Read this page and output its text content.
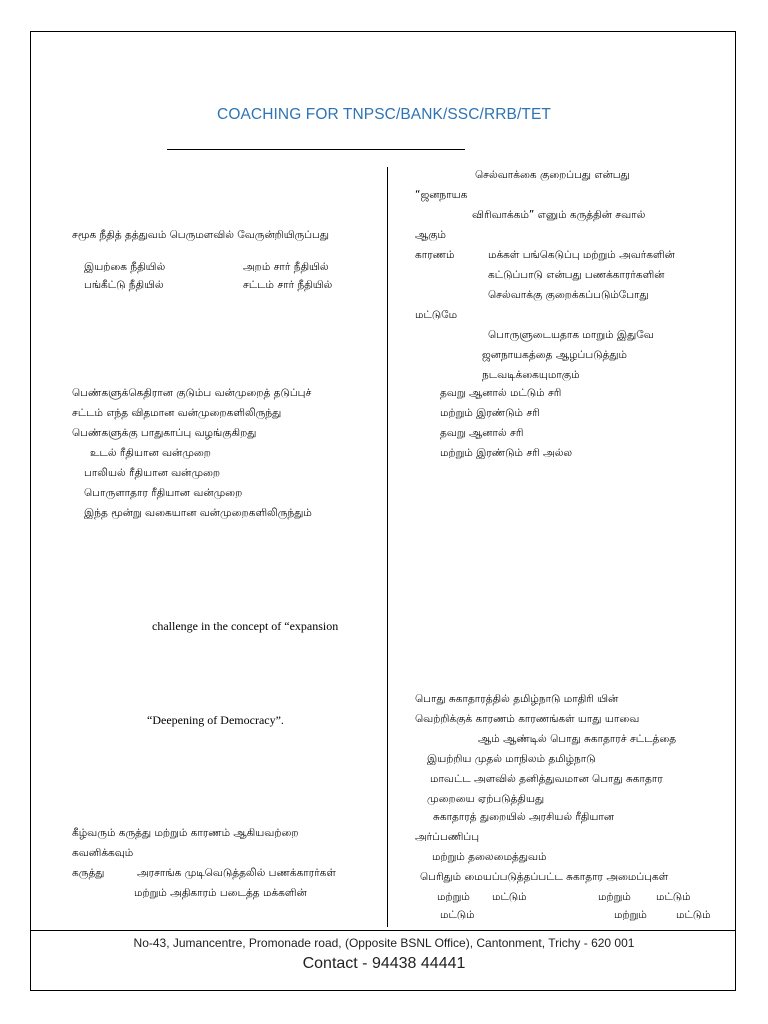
COACHING FOR TNPSC/BANK/SSC/RRB/TET
சமூக நீதித் தத்துவம் பெருமளவில் வேருன்றியிருப்பது
இயற்கை நீதியில்	அறம் சார் நீதியில்
பங்கீட்டு நீதியில்	சட்டம் சார் நீதியில்
பெண்களுக்கெதிரான குடும்ப வன்முறைத் தடுப்புச்
சட்டம் எந்த விதமான வன்முறைகளிலிருந்து
பெண்களுக்கு பாதுகாப்பு வழங்குகிறது
உடல் ரீதியான வன்முறை
பாலியல் ரீதியான வன்முறை
பொருளாதார ரீதியான வன்முறை
இந்த மூன்று வகையான வன்முறைகளிலிருந்தும்
challenge in the concept of “expansion
“Deepening of Democracy”.
கீழ்வரும் கருத்து மற்றும் காரணம் ஆகியவற்றை
கவனிக்கவும்
கருத்து	அரசாங்க முடிவெடுத்தலில் பணக்காரர்கள்
மற்றும் அதிகாரம் படைத்த மக்களின்
செல்வாக்கை குறைப்பது என்பது
“ஜனநாயக
விரிவாக்கம்” எனும் கருத்தின் சவால்
ஆகும்
காரணம்	மக்கள் பங்கெடுப்பு மற்றும் அவர்களின்
கட்டுப்பாடு என்பது பணக்காரர்களின்
செல்வாக்கு குறைக்கப்படும்போது
மட்டுமே
பொருளுடையதாக மாறும் இதுவே
ஜனநாயகத்தை ஆழப்படுத்தும்
நடவடிக்கையுமாகும்
தவறு ஆனால் மட்டும் சரி
மற்றும் இரண்டும் சரி
தவறு ஆனால் சரி
மற்றும் இரண்டும் சரி அல்ல
பொது சுகாதாரத்தில் தமிழ்நாடு மாதிரி யின்
வெற்றிக்குக் காரணம் காரணங்கள் யாது யாவை
ஆம் ஆண்டில் பொது சுகாதாரச் சட்டத்தை
இயற்றிய முதல் மாநிலம் தமிழ்நாடு
மாவட்ட அளவில் தனித்துவமான பொது சுகாதார
முறையை ஏற்படுத்தியது
சுகாதாரத் துறையில் அரசியல் ரீதியான
அர்ப்பணிப்பு
மற்றும் தலைமைத்துவம்
பெரிதும் மையப்படுத்தப்பட்ட சுகாதார அமைப்புகள்
மற்றும் மட்டும்	மற்றும் மட்டும்
மட்டும்	மற்றும்	மட்டும்
No-43, Jumancentre, Promonade road, (Opposite BSNL Office), Cantonment, Trichy - 620 001
Contact - 94438 44441
